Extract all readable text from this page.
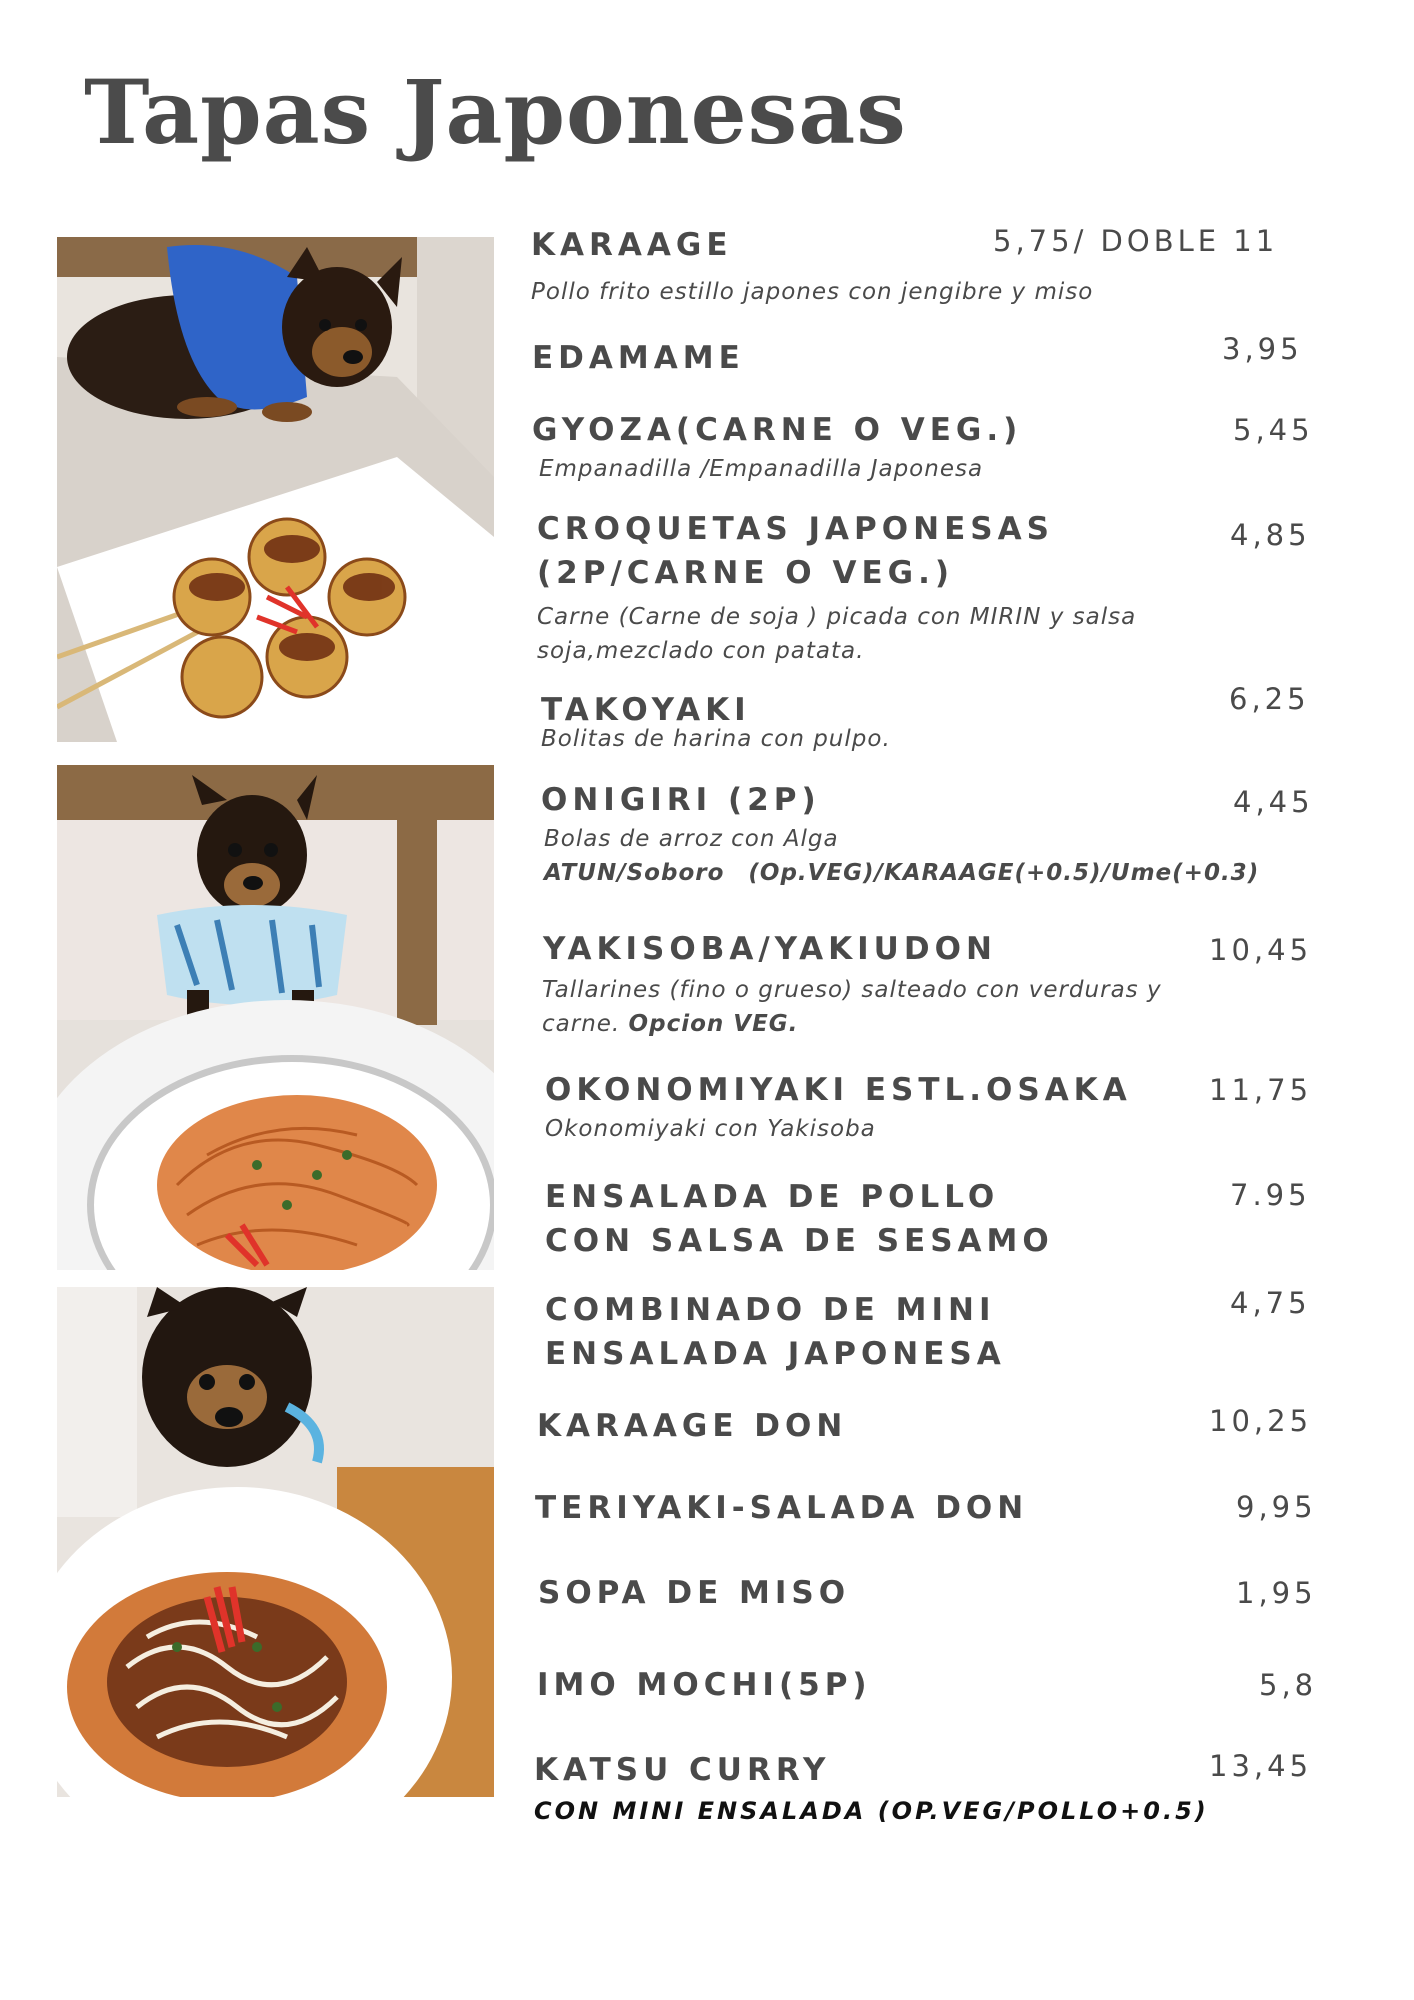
Tapas Japonesas
KARAAGE
Pollo frito estillo japones con jengibre y miso
5,75/ DOBLE 11
EDAMAME	3,95
GYOZA(CARNE O VEG.)
Empanadilla /Empanadilla Japonesa
5,45
CROQUETAS JAPONESAS
(2P/CARNE O VEG.)
Carne (Carne de soja ) picada con MIRIN y salsa
soja,mezclado con patata.
4,85
TAKOYAKI
Bolitas de harina con pulpo.
6,25
ONIGIRI (2P)
Bolas de arroz con Alga
ATUN/Soboro　(Op.VEG)/KARAAGE(+0.5)/Ume(+0.3)
4,45
YAKISOBA/YAKIUDON
Tallarines (fino o grueso) salteado con verduras y
carne. Opcion VEG.
10,45
OKONOMIYAKI ESTL.OSAKA
Okonomiyaki con Yakisoba
11,75
ENSALADA DE POLLO
CON SALSA DE SESAMO
7.95
COMBINADO DE MINI
ENSALADA JAPONESA
4,75
KARAAGE DON	10,25
TERIYAKI-SALADA DON	9,95
SOPA DE MISO	1,95
IMO MOCHI(5P)	5,8
KATSU CURRY
CON MINI ENSALADA (OP.VEG/POLLO+0.5)
13,45
